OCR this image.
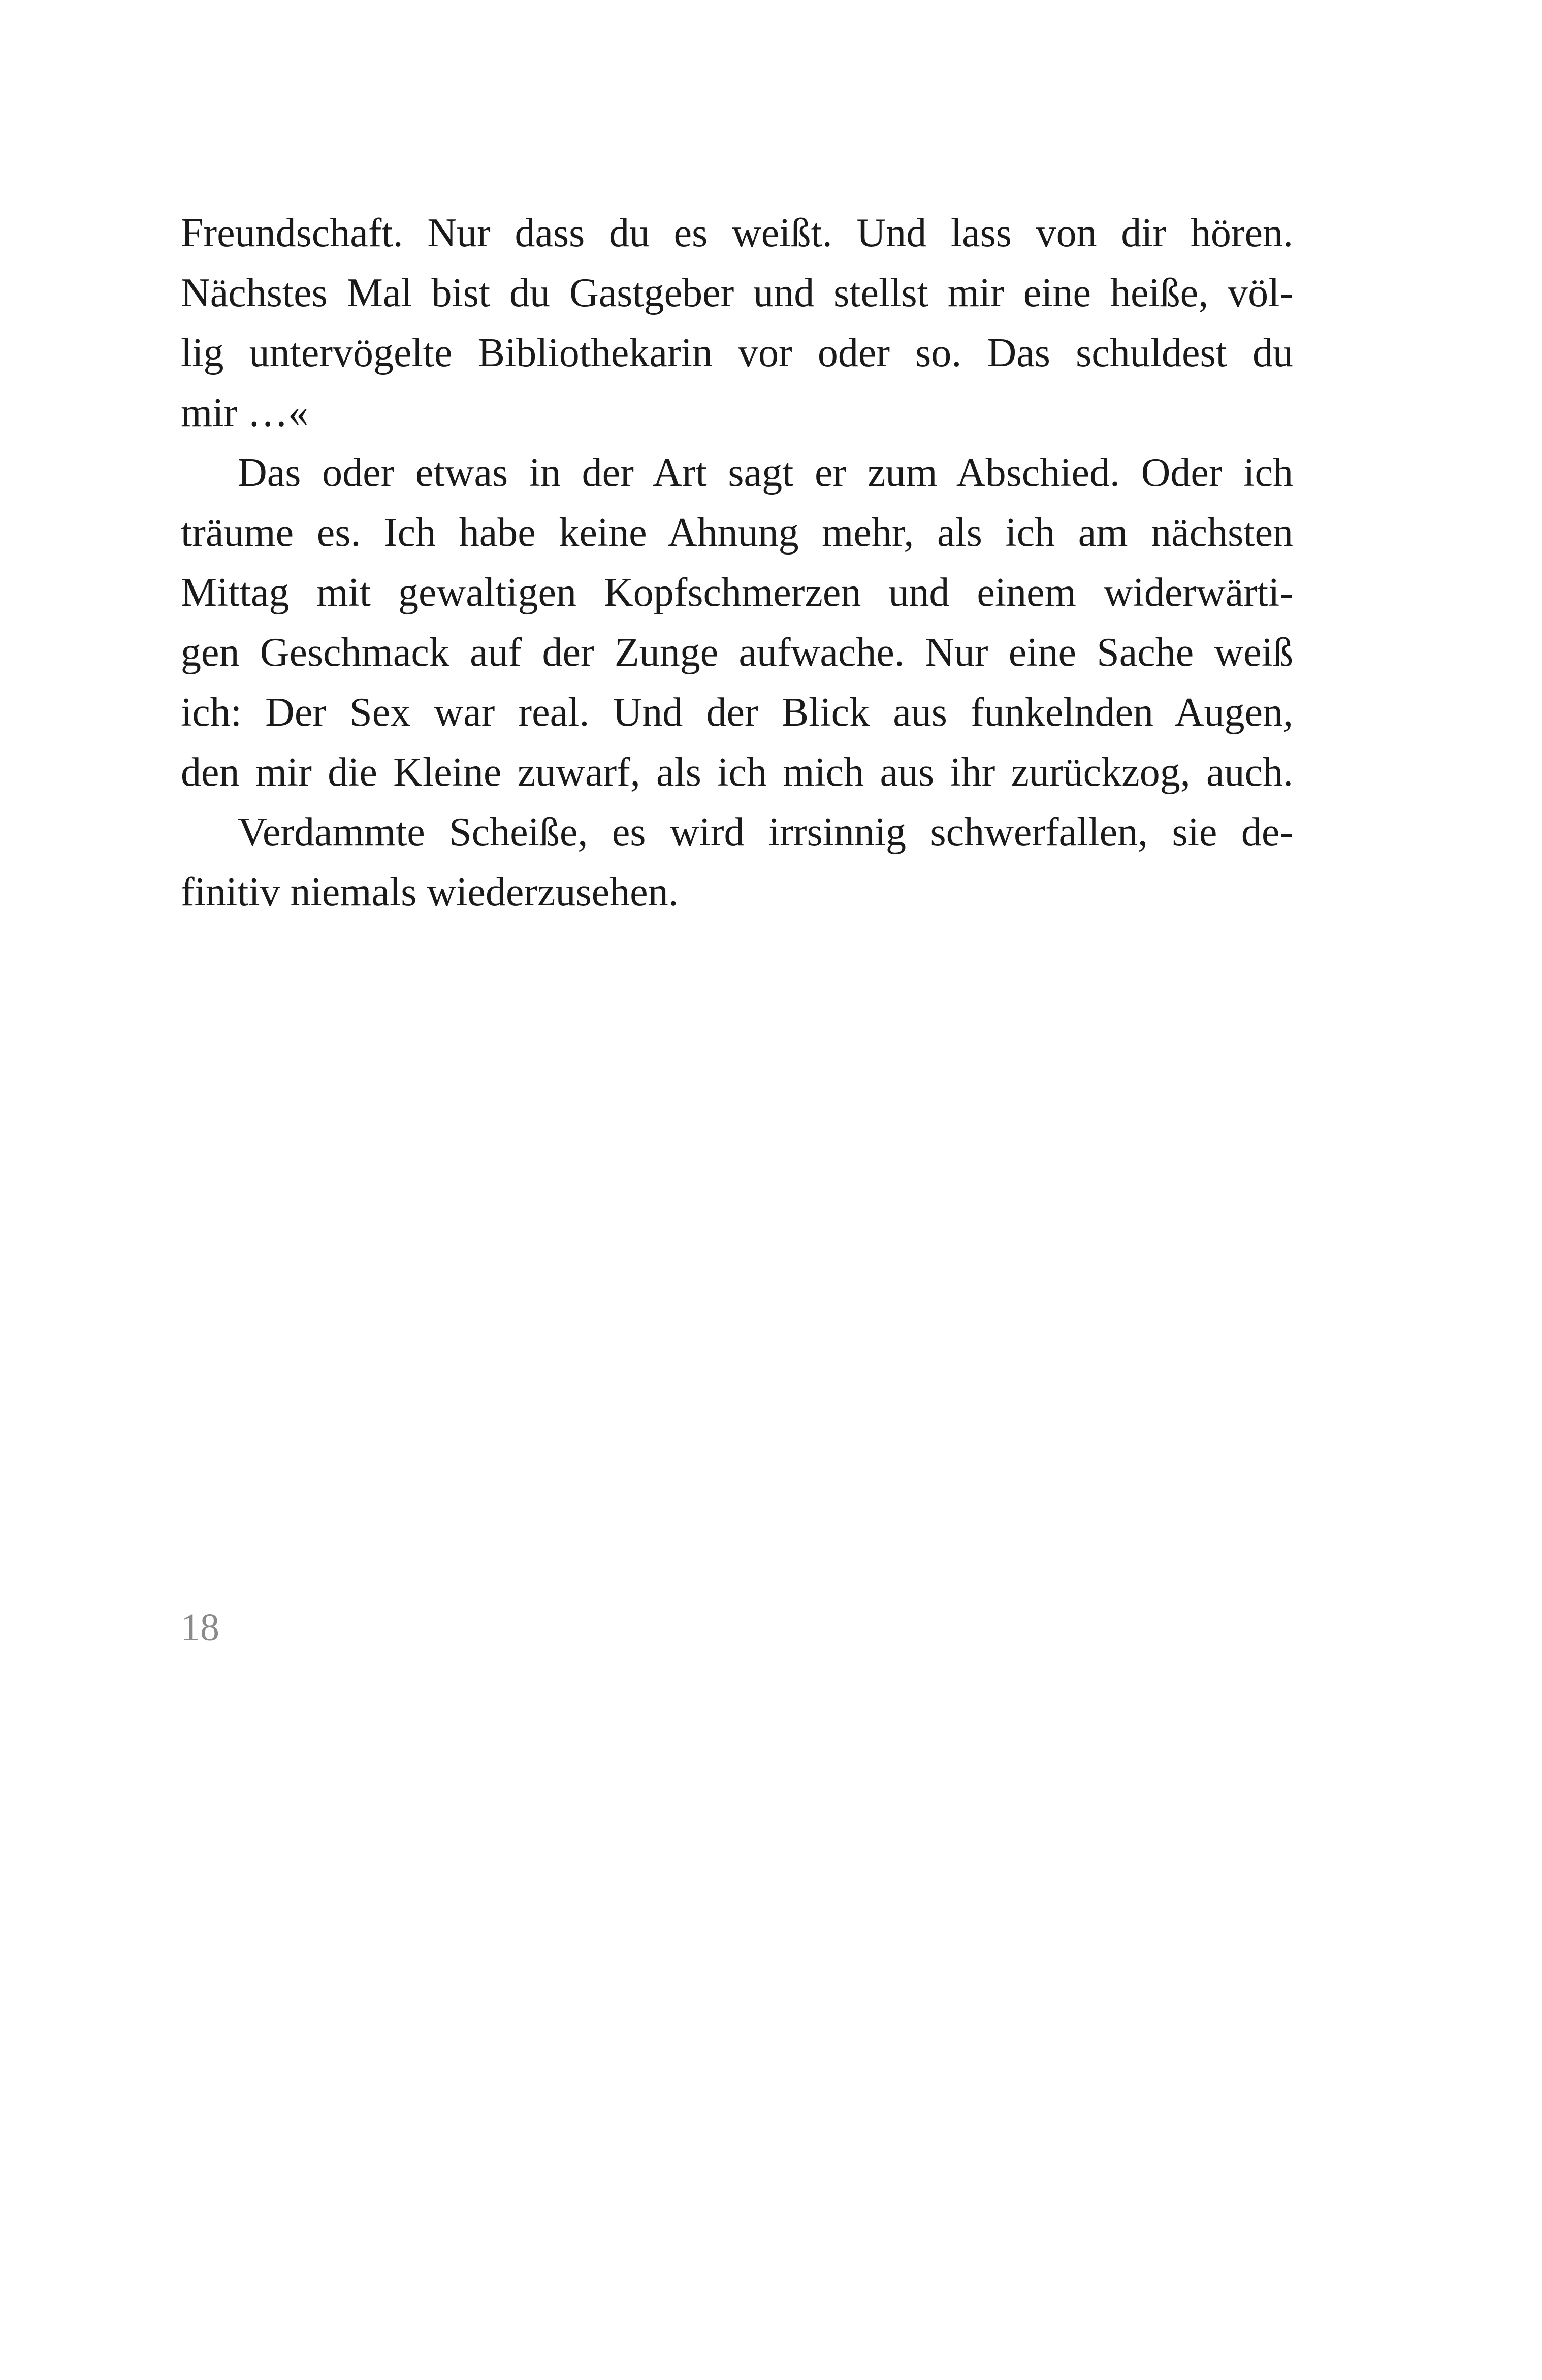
Freundschaft. Nur dass du es weißt. Und lass von dir hören.
Nächstes Mal bist du Gastgeber und stellst mir eine heiße, völ-
lig untervögelte Bibliothekarin vor oder so. Das schuldest du
mir …«
Das oder etwas in der Art sagt er zum Abschied. Oder ich
träume es. Ich habe keine Ahnung mehr, als ich am nächsten
Mittag mit gewaltigen Kopfschmerzen und einem widerwärti-
gen Geschmack auf der Zunge aufwache. Nur eine Sache weiß
ich: Der Sex war real. Und der Blick aus funkelnden Augen,
den mir die Kleine zuwarf, als ich mich aus ihr zurückzog, auch.
Verdammte Scheiße, es wird irrsinnig schwerfallen, sie de-
finitiv niemals wiederzusehen.
18
